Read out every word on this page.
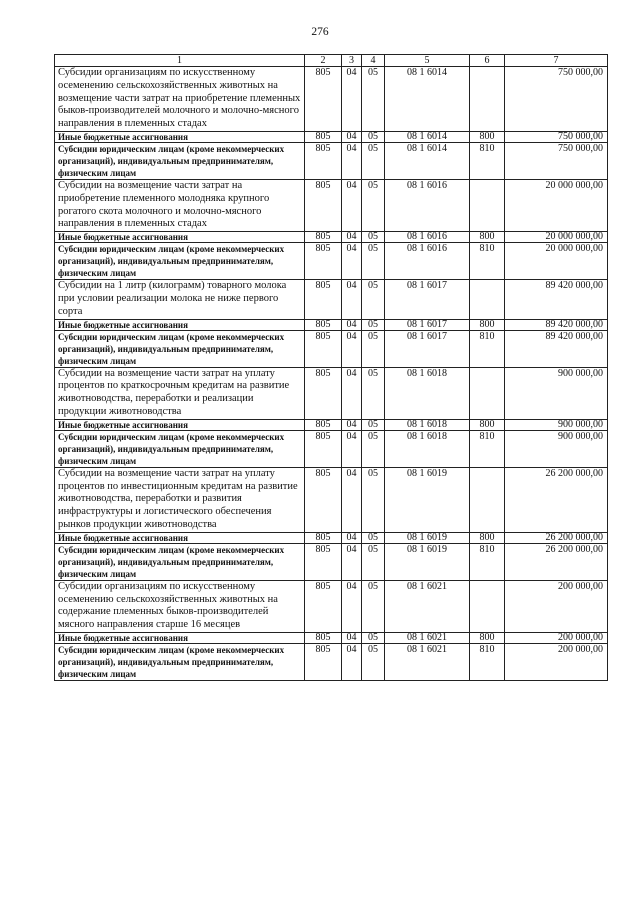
276
1	2	3	4	5	6	7
Субсидии организациям по искусственному осеменению сельскохозяйственных животных на возмещение части затрат на приобретение племенных быков-производителей молочного и молочно-мясного направления в племенных стадах	805	04	05	08 1 6014		750 000,00
Иные бюджетные ассигнования	805	04	05	08 1 6014	800	750 000,00
Субсидии юридическим лицам (кроме некоммерческих организаций), индивидуальным предпринимателям, физическим лицам	805	04	05	08 1 6014	810	750 000,00
Субсидии на возмещение части затрат на приобретение племенного молодняка крупного рогатого скота молочного и молочно-мясного направления в племенных стадах	805	04	05	08 1 6016		20 000 000,00
Иные бюджетные ассигнования	805	04	05	08 1 6016	800	20 000 000,00
Субсидии юридическим лицам (кроме некоммерческих организаций), индивидуальным предпринимателям, физическим лицам	805	04	05	08 1 6016	810	20 000 000,00
Субсидии на 1 литр (килограмм) товарного молока при условии реализации молока не ниже первого сорта	805	04	05	08 1 6017		89 420 000,00
Иные бюджетные ассигнования	805	04	05	08 1 6017	800	89 420 000,00
Субсидии юридическим лицам (кроме некоммерческих организаций), индивидуальным предпринимателям, физическим лицам	805	04	05	08 1 6017	810	89 420 000,00
Субсидии на возмещение части затрат на уплату процентов по краткосрочным кредитам на развитие животноводства, переработки и реализации продукции животноводства	805	04	05	08 1 6018		900 000,00
Иные бюджетные ассигнования	805	04	05	08 1 6018	800	900 000,00
Субсидии юридическим лицам (кроме некоммерческих организаций), индивидуальным предпринимателям, физическим лицам	805	04	05	08 1 6018	810	900 000,00
Субсидии на возмещение части затрат на уплату процентов по инвестиционным кредитам на развитие животноводства, переработки и развития инфраструктуры и логистического обеспечения рынков продукции животноводства	805	04	05	08 1 6019		26 200 000,00
Иные бюджетные ассигнования	805	04	05	08 1 6019	800	26 200 000,00
Субсидии юридическим лицам (кроме некоммерческих организаций), индивидуальным предпринимателям, физическим лицам	805	04	05	08 1 6019	810	26 200 000,00
Субсидии организациям по искусственному осеменению сельскохозяйственных животных на содержание племенных быков-производителей мясного направления старше 16 месяцев	805	04	05	08 1 6021		200 000,00
Иные бюджетные ассигнования	805	04	05	08 1 6021	800	200 000,00
Субсидии юридическим лицам (кроме некоммерческих организаций), индивидуальным предпринимателям, физическим лицам	805	04	05	08 1 6021	810	200 000,00
